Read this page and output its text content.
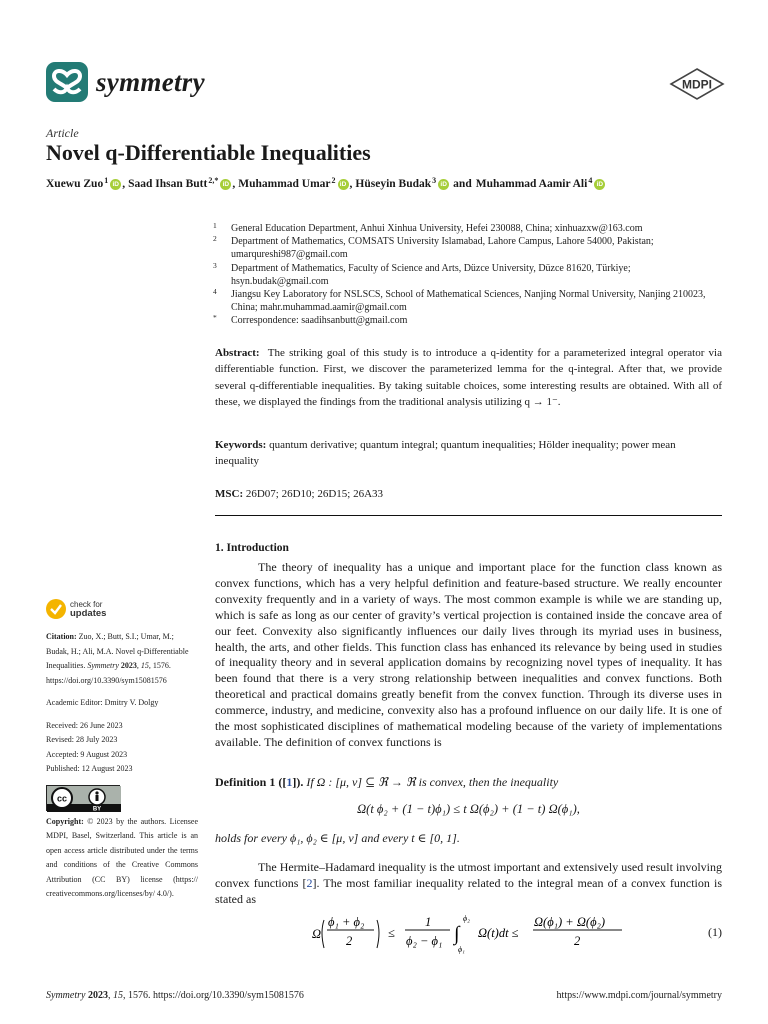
symmetry	MDPI
Article
Novel q-Differentiable Inequalities
Xuewu Zuo$^1$ iD , Saad Ihsan Butt$^{2,*}$ iD , Muhammad Umar$^2$ iD , Hüseyin Budak$^3$ iD and Muhammad Aamir Ali$^4$ iD
1 General Education Department, Anhui Xinhua University, Hefei 230088, China; xinhuazxw@163.com
2 Department of Mathematics, COMSATS University Islamabad, Lahore Campus, Lahore 54000, Pakistan; umarqureshi987@gmail.com
3 Department of Mathematics, Faculty of Science and Arts, Düzce University, Düzce 81620, Türkiye; hsyn.budak@gmail.com
4 Jiangsu Key Laboratory for NSLSCS, School of Mathematical Sciences, Nanjing Normal University, Nanjing 210023, China; mahr.muhammad.aamir@gmail.com
* Correspondence: saadihsanbutt@gmail.com
Abstract: The striking goal of this study is to introduce a q-identity for a parameterized integral operator via differentiable function. First, we discover the parameterized lemma for the q-integral. After that, we provide several q-differentiable inequalities. By taking suitable choices, some interesting results are obtained. With all of these, we displayed the findings from the traditional analysis utilizing q → 1⁻.
Keywords: quantum derivative; quantum integral; quantum inequalities; Hölder inequality; power mean inequality
MSC: 26D07; 26D10; 26D15; 26A33
1. Introduction
The theory of inequality has a unique and important place for the function class known as convex functions, which has a very helpful definition and feature-based structure. We really encounter convexity frequently and in a variety of ways. The most common example is while we are standing up, which is safe as long as our center of gravity’s vertical projection is contained inside the concave area of our feet. Convexity also significantly influences our daily lives through its myriad uses in business, health, the arts, and other fields. This function class has enhanced its relevance by being used in studies of inequality theory and in several application domains by recognizing novel types of inequality. It has been found that there is a very strong relationship between inequalities and convex functions. Both theoretical and practical domains greatly benefit from the convex function. Through its diverse uses in commerce, industry, and medicine, convexity also has a profound influence on our daily life. It is one of the most sophisticated disciplines of mathematical modeling because of the variety of implementations available. The definition of convex functions is
Definition 1 ([1]). If Ω : [μ, ν] ⊆ ℜ → ℜ is convex, then the inequality
Ω(t ϕ₂ + (1 − t)ϕ₁) ≤ t Ω(ϕ₂) + (1 − t) Ω(ϕ₁),
holds for every ϕ₁, ϕ₂ ∈ [μ, ν] and every t ∈ [0, 1].
The Hermite–Hadamard inequality is the utmost important and extensively used result involving convex functions [2]. The most familiar inequality related to the integral mean of a convex function is stated as
Ω
ϕ₁ + ϕ₂
2
≤
1
ϕ₂ − ϕ₁ ∫
ϕ₂
ϕ₁
Ω(t)dt ≤
Ω(ϕ₁) + Ω(ϕ₂)
2
(1)
check for
updates
Citation: Zuo, X.; Butt, S.I.; Umar, M.; Budak, H.; Ali, M.A. Novel q-Differentiable Inequalities. Symmetry 2023, 15, 1576. https://doi.org/10.3390/sym15081576
Academic Editor: Dmitry V. Dolgy
Received: 26 June 2023
Revised: 28 July 2023
Accepted: 9 August 2023
Published: 12 August 2023
cc
BY
Copyright: © 2023 by the authors. Licensee MDPI, Basel, Switzerland. This article is an open access article distributed under the terms and conditions of the Creative Commons Attribution (CC BY) license (https:// creativecommons.org/licenses/by/ 4.0/).
Symmetry 2023, 15, 1576. https://doi.org/10.3390/sym15081576	https://www.mdpi.com/journal/symmetry
